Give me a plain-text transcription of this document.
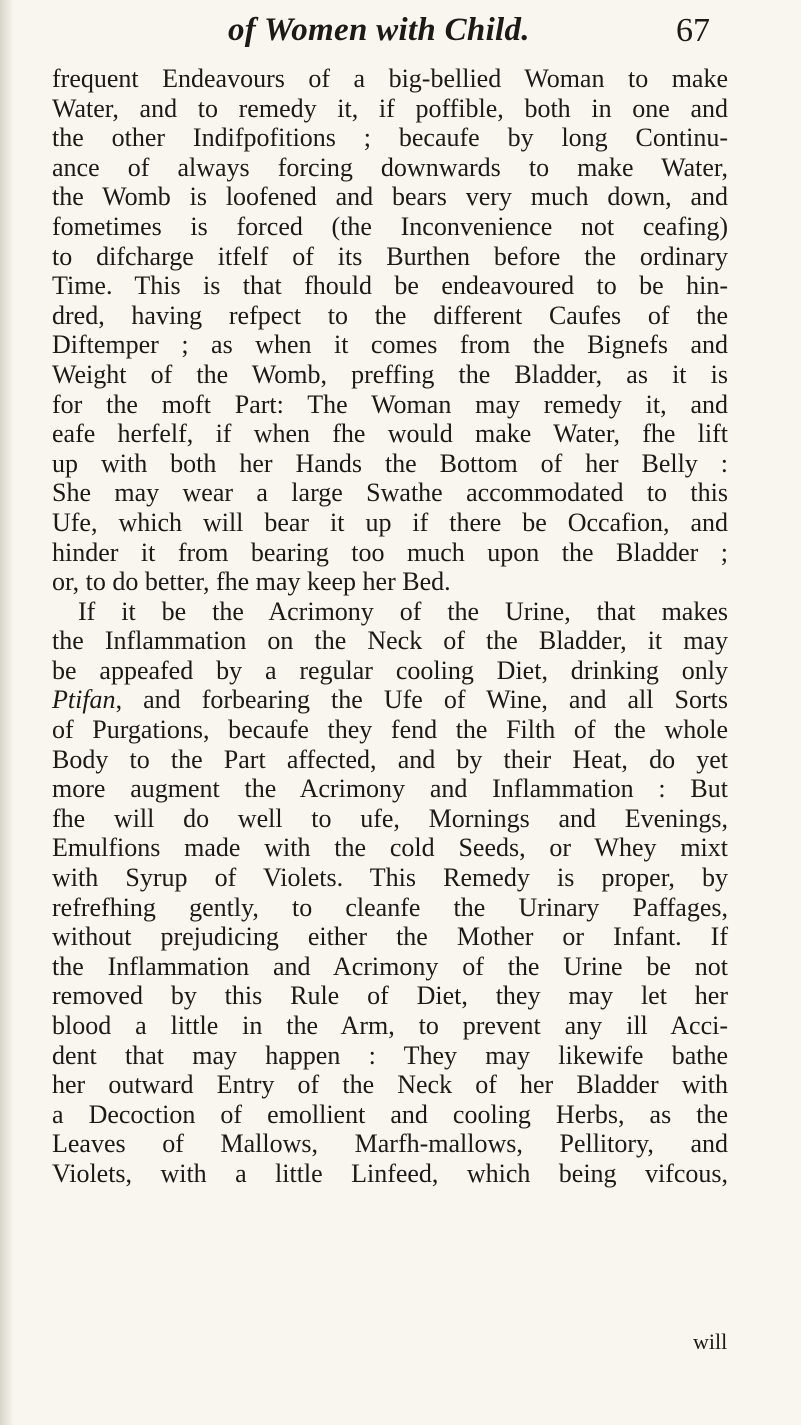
of Women with Child.	67
frequent Endeavours of a big-bellied Woman to make
Water, and to remedy it, if poffible, both in one and
the other Indifpofitions ; becaufe by long Continu-
ance of always forcing downwards to make Water,
the Womb is loofened and bears very much down, and
fometimes is forced (the Inconvenience not ceafing)
to difcharge itfelf of its Burthen before the ordinary
Time. This is that fhould be endeavoured to be hin-
dred, having refpect to the different Caufes of the
Diftemper ; as when it comes from the Bignefs and
Weight of the Womb, preffing the Bladder, as it is
for the moft Part: The Woman may remedy it, and
eafe herfelf, if when fhe would make Water, fhe lift
up with both her Hands the Bottom of her Belly :
She may wear a large Swathe accommodated to this
Ufe, which will bear it up if there be Occafion, and
hinder it from bearing too much upon the Bladder ;
or, to do better, fhe may keep her Bed.
If it be the Acrimony of the Urine, that makes
the Inflammation on the Neck of the Bladder, it may
be appeafed by a regular cooling Diet, drinking only
Ptifan, and forbearing the Ufe of Wine, and all Sorts
of Purgations, becaufe they fend the Filth of the whole
Body to the Part affected, and by their Heat, do yet
more augment the Acrimony and Inflammation : But
fhe will do well to ufe, Mornings and Evenings,
Emulfions made with the cold Seeds, or Whey mixt
with Syrup of Violets. This Remedy is proper, by
refrefhing gently, to cleanfe the Urinary Paffages,
without prejudicing either the Mother or Infant. If
the Inflammation and Acrimony of the Urine be not
removed by this Rule of Diet, they may let her
blood a little in the Arm, to prevent any ill Acci-
dent that may happen : They may likewife bathe
her outward Entry of the Neck of her Bladder with
a Decoction of emollient and cooling Herbs, as the
Leaves of Mallows, Marfh-mallows, Pellitory, and
Violets, with a little Linfeed, which being vifcous,
will
